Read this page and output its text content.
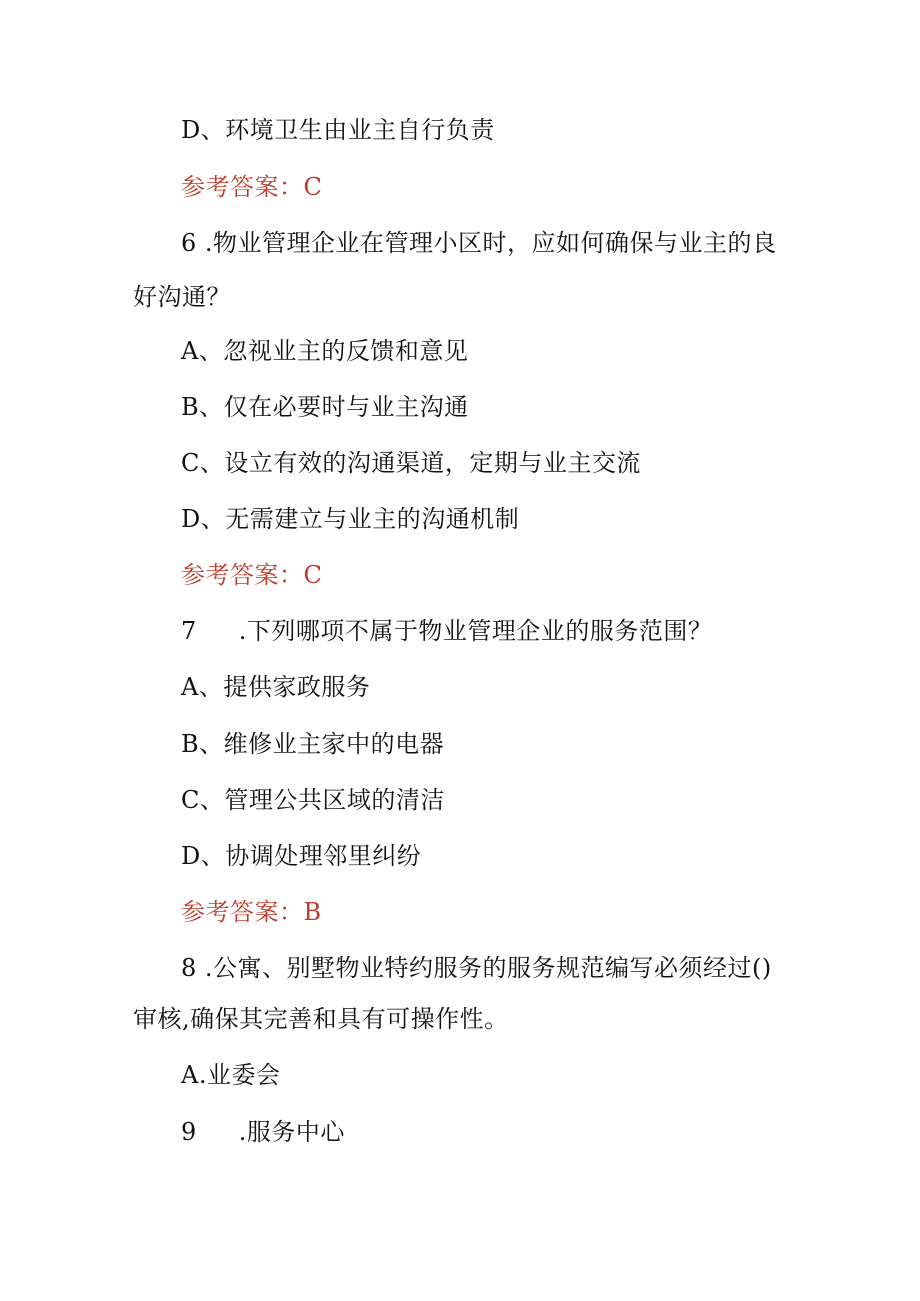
D、环境卫生由业主自行负责
参考答案：C
6 .物业管理企业在管理小区时，应如何确保与业主的良
好沟通？
A、忽视业主的反馈和意见
B、仅在必要时与业主沟通
C、设立有效的沟通渠道，定期与业主交流
D、无需建立与业主的沟通机制
参考答案：C
7 .下列哪项不属于物业管理企业的服务范围？
A、提供家政服务
B、维修业主家中的电器
C、管理公共区域的清洁
D、协调处理邻里纠纷
参考答案：B
8 .公寓、别墅物业特约服务的服务规范编写必须经过()
审核,确保其完善和具有可操作性。
A.业委会
9 .服务中心
